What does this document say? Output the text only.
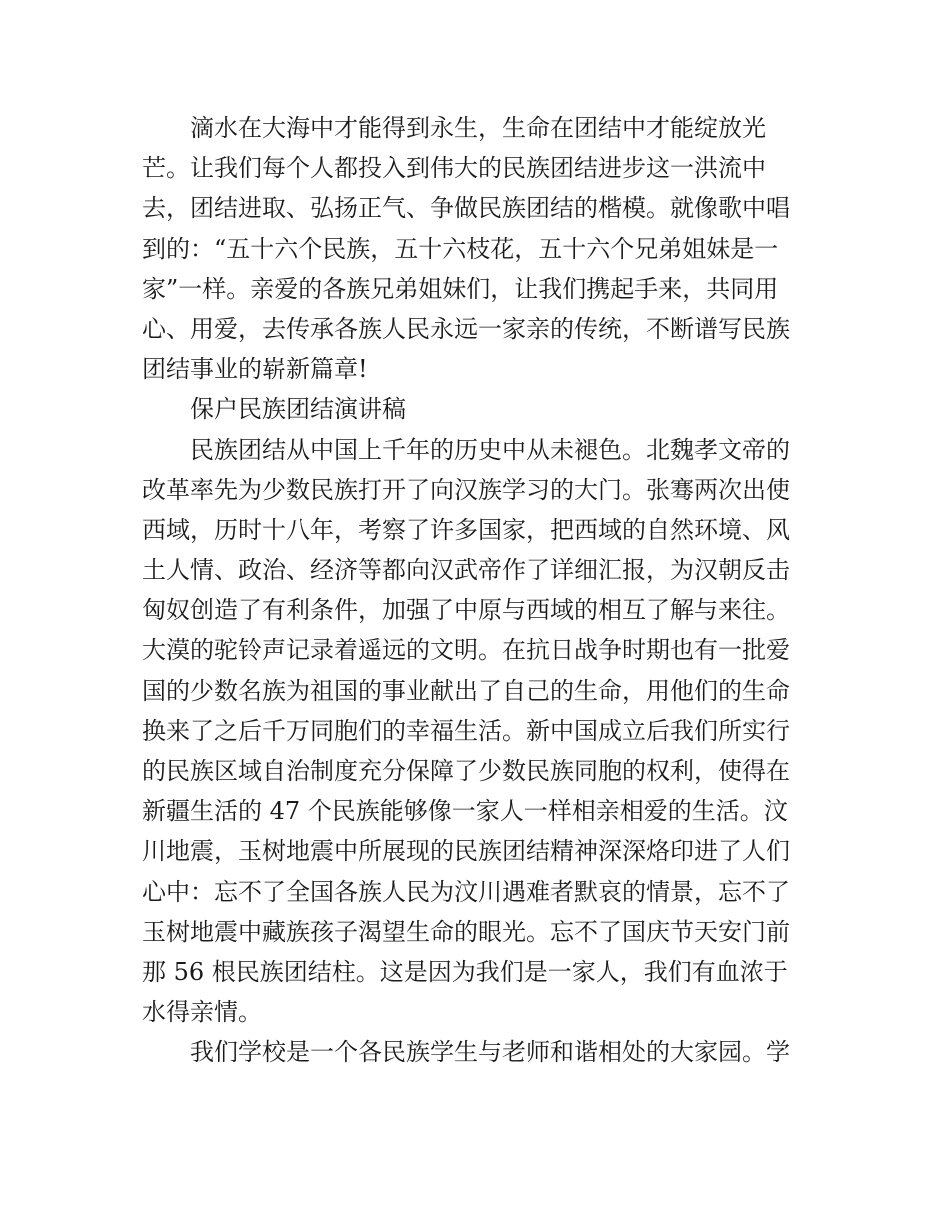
滴水在大海中才能得到永生，生命在团结中才能绽放光
芒。让我们每个人都投入到伟大的民族团结进步这一洪流中
去，团结进取、弘扬正气、争做民族团结的楷模。就像歌中唱
到的：“五十六个民族，五十六枝花，五十六个兄弟姐妹是一
家”一样。亲爱的各族兄弟姐妹们，让我们携起手来，共同用
心、用爱，去传承各族人民永远一家亲的传统，不断谱写民族
团结事业的崭新篇章!
保户民族团结演讲稿
民族团结从中国上千年的历史中从未褪色。北魏孝文帝的
改革率先为少数民族打开了向汉族学习的大门。张骞两次出使
西域，历时十八年，考察了许多国家，把西域的自然环境、风
土人情、政治、经济等都向汉武帝作了详细汇报，为汉朝反击
匈奴创造了有利条件，加强了中原与西域的相互了解与来往。
大漠的驼铃声记录着遥远的文明。在抗日战争时期也有一批爱
国的少数名族为祖国的事业献出了自己的生命，用他们的生命
换来了之后千万同胞们的幸福生活。新中国成立后我们所实行
的民族区域自治制度充分保障了少数民族同胞的权利，使得在
新疆生活的 47 个民族能够像一家人一样相亲相爱的生活。汶
川地震，玉树地震中所展现的民族团结精神深深烙印进了人们
心中：忘不了全国各族人民为汶川遇难者默哀的情景，忘不了
玉树地震中藏族孩子渴望生命的眼光。忘不了国庆节天安门前
那 56 根民族团结柱。这是因为我们是一家人，我们有血浓于
水得亲情。
我们学校是一个各民族学生与老师和谐相处的大家园。学
